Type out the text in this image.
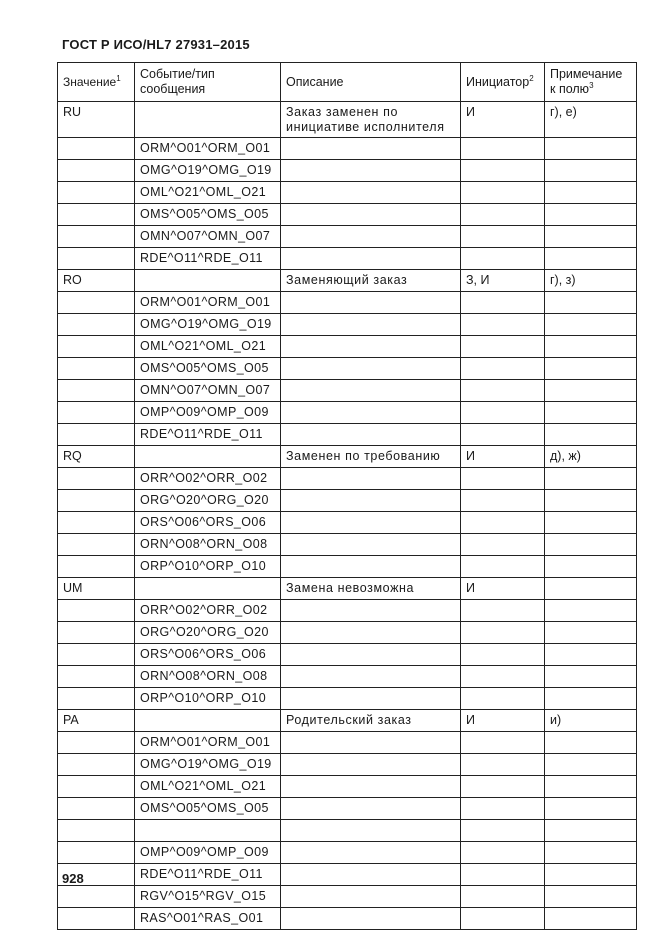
ГОСТ Р ИСО/HL7 27931–2015
Значение$^1$	Событие/тип сообщения	Описание	Инициатор$^2$	Примечание к полю$^3$
RU		Заказ заменен по инициативе исполнителя	И	г), е)
	ORM^O01^ORM_O01			
	OMG^O19^OMG_O19			
	OML^O21^OML_O21			
	OMS^O05^OMS_O05			
	OMN^O07^OMN_O07			
	RDE^O11^RDE_O11			
RO		Заменяющий заказ	З, И	г), з)
	ORM^O01^ORM_O01			
	OMG^O19^OMG_O19			
	OML^O21^OML_O21			
	OMS^O05^OMS_O05			
	OMN^O07^OMN_O07			
	OMP^O09^OMP_O09			
	RDE^O11^RDE_O11			
RQ		Заменен по требованию	И	д), ж)
	ORR^O02^ORR_O02			
	ORG^O20^ORG_O20			
	ORS^O06^ORS_O06			
	ORN^O08^ORN_O08			
	ORP^O10^ORP_O10			
UM		Замена невозможна	И	
	ORR^O02^ORR_O02			
	ORG^O20^ORG_O20			
	ORS^O06^ORS_O06			
	ORN^O08^ORN_O08			
	ORP^O10^ORP_O10			
PA		Родительский заказ	И	и)
	ORM^O01^ORM_O01			
	OMG^O19^OMG_O19			
	OML^O21^OML_O21			
	OMS^O05^OMS_O05			

	OMP^O09^OMP_O09			
	RDE^O11^RDE_O11			
	RGV^O15^RGV_O15			
	RAS^O01^RAS_O01			
928
